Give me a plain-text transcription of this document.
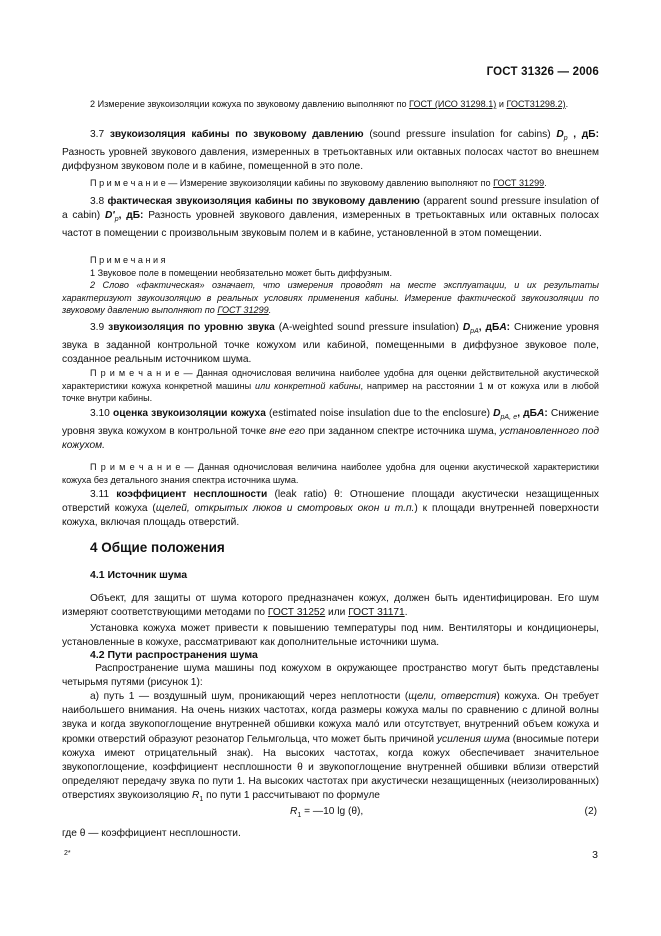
ГОСТ 31326 — 2006
2 Измерение звукоизоляции кожуха по звуковому давлению выполняют по ГОСТ (ИСО 31298.1) и ГОСТ31298.2).
3.7 звукоизоляция кабины по звуковому давлению (sound pressure insulation for cabins) $D_p$ , дБ: Разность уровней звукового давления, измеренных в третьоктавных или октавных полосах частот во внешнем диффузном звуковом поле и в кабине, помещенной в это поле.
П р и м е ч а н и е — Измерение звукоизоляции кабины по звуковому давлению выполняют по ГОСТ 31299.
3.8 фактическая звукоизоляция кабины по звуковому давлению (apparent sound pressure insulation of a cabin) $D'_p$, дБ: Разность уровней звукового давления, измеренных в третьоктавных или октавных полосах частот в помещении с произвольным звуковым полем и в кабине, установленной в этом помещении.
П р и м е ч а н и я
1 Звуковое поле в помещении необязательно может быть диффузным.
2 Слово «фактическая» означает, что измерения проводят на месте эксплуатации, и их результаты характеризуют звукоизоляцию в реальных условиях применения кабины. Измерение фактической звукоизоляции по звуковому давлению выполняют по ГОСТ 31299.
3.9 звукоизоляция по уровню звука (A-weighted sound pressure insulation) $D_{pA}$, дБA: Снижение уровня звука в заданной контрольной точке кожухом или кабиной, помещенными в диффузное звуковое поле, созданное реальным источником шума.
П р и м е ч а н и е — Данная одночисловая величина наиболее удобна для оценки действительной акустической характеристики кожуха конкретной машины или конкретной кабины, например на расстоянии 1 м от кожуха или в любой точке внутри кабины.
3.10 оценка звукоизоляции кожуха (estimated noise insulation due to the enclosure) $D_{pA, e}$, дБA: Снижение уровня звука кожухом в контрольной точке вне его при заданном спектре источника шума, установленного под кожухом.
П р и м е ч а н и е — Данная одночисловая величина наиболее удобна для оценки акустической характеристики кожуха без детального знания спектра источника шума.
3.11 коэффициент несплошности (leak ratio) θ: Отношение площади акустически незащищенных отверстий кожуха (щелей, открытых люков и смотровых окон и т.п.) к площади внутренней поверхности кожуха, включая площадь отверстий.
4 Общие положения
4.1 Источник шума
Объект, для защиты от шума которого предназначен кожух, должен быть идентифицирован. Его шум измеряют соответствующими методами по ГОСТ 31252 или ГОСТ 31171.
Установка кожуха может привести к повышению температуры под ним. Вентиляторы и кондиционеры, установленные в кожухе, рассматривают как дополнительные источники шума.
4.2 Пути распространения шума
Распространение шума машины под кожухом в окружающее пространство могут быть представлены четырьмя путями (рисунок 1):
а) путь 1 — воздушный шум, проникающий через неплотности (щели, отверстия) кожуха. Он требует наибольшего внимания. На очень низких частотах, когда размеры кожуха малы по сравнению с длиной волны звука и когда звукопоглощение внутренней обшивки кожуха малó или отсутствует, внутренний объем кожуха и кромки отверстий образуют резонатор Гельмгольца, что может быть причиной усиления шума (вносимые потери кожуха имеют отрицательный знак). На высоких частотах, когда кожух обеспечивает значительное звукопоглощение, коэффициент несплошности θ и звукопоглощение внутренней обшивки вблизи отверстий определяют передачу звука по пути 1. На высоких частотах при акустически незащищенных (неизолированных) отверстиях звукоизоляцию $R_1$ по пути 1 рассчитывают по формуле
$R_1$ = —10 lg (θ),	(2)
где θ — коэффициент несплошности.
2*	3
